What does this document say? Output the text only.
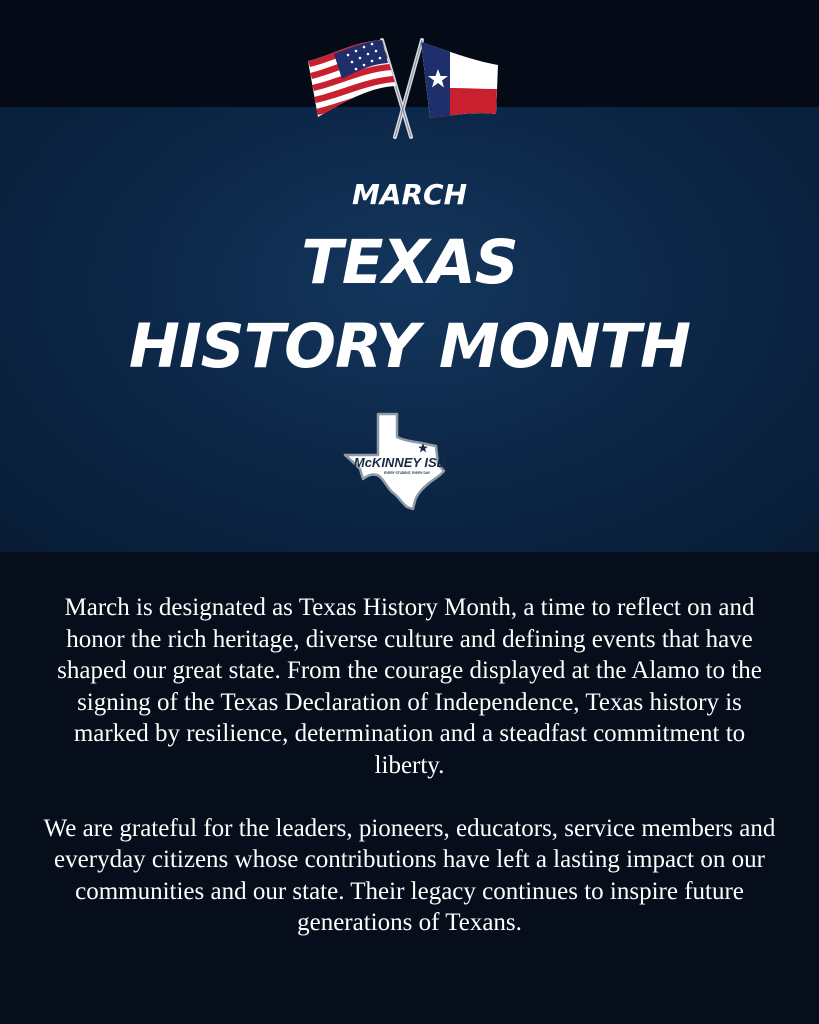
MARCH
TEXAS
HISTORY MONTH
McKINNEY ISD
EVERY STUDENT, EVERY DAY

March is designated as Texas History Month, a time to reflect on and honor the rich heritage, diverse culture and defining events that have shaped our great state. From the courage displayed at the Alamo to the signing of the Texas Declaration of Independence, Texas history is marked by resilience, determination and a steadfast commitment to liberty.

We are grateful for the leaders, pioneers, educators, service members and everyday citizens whose contributions have left a lasting impact on our communities and our state. Their legacy continues to inspire future generations of Texans.
